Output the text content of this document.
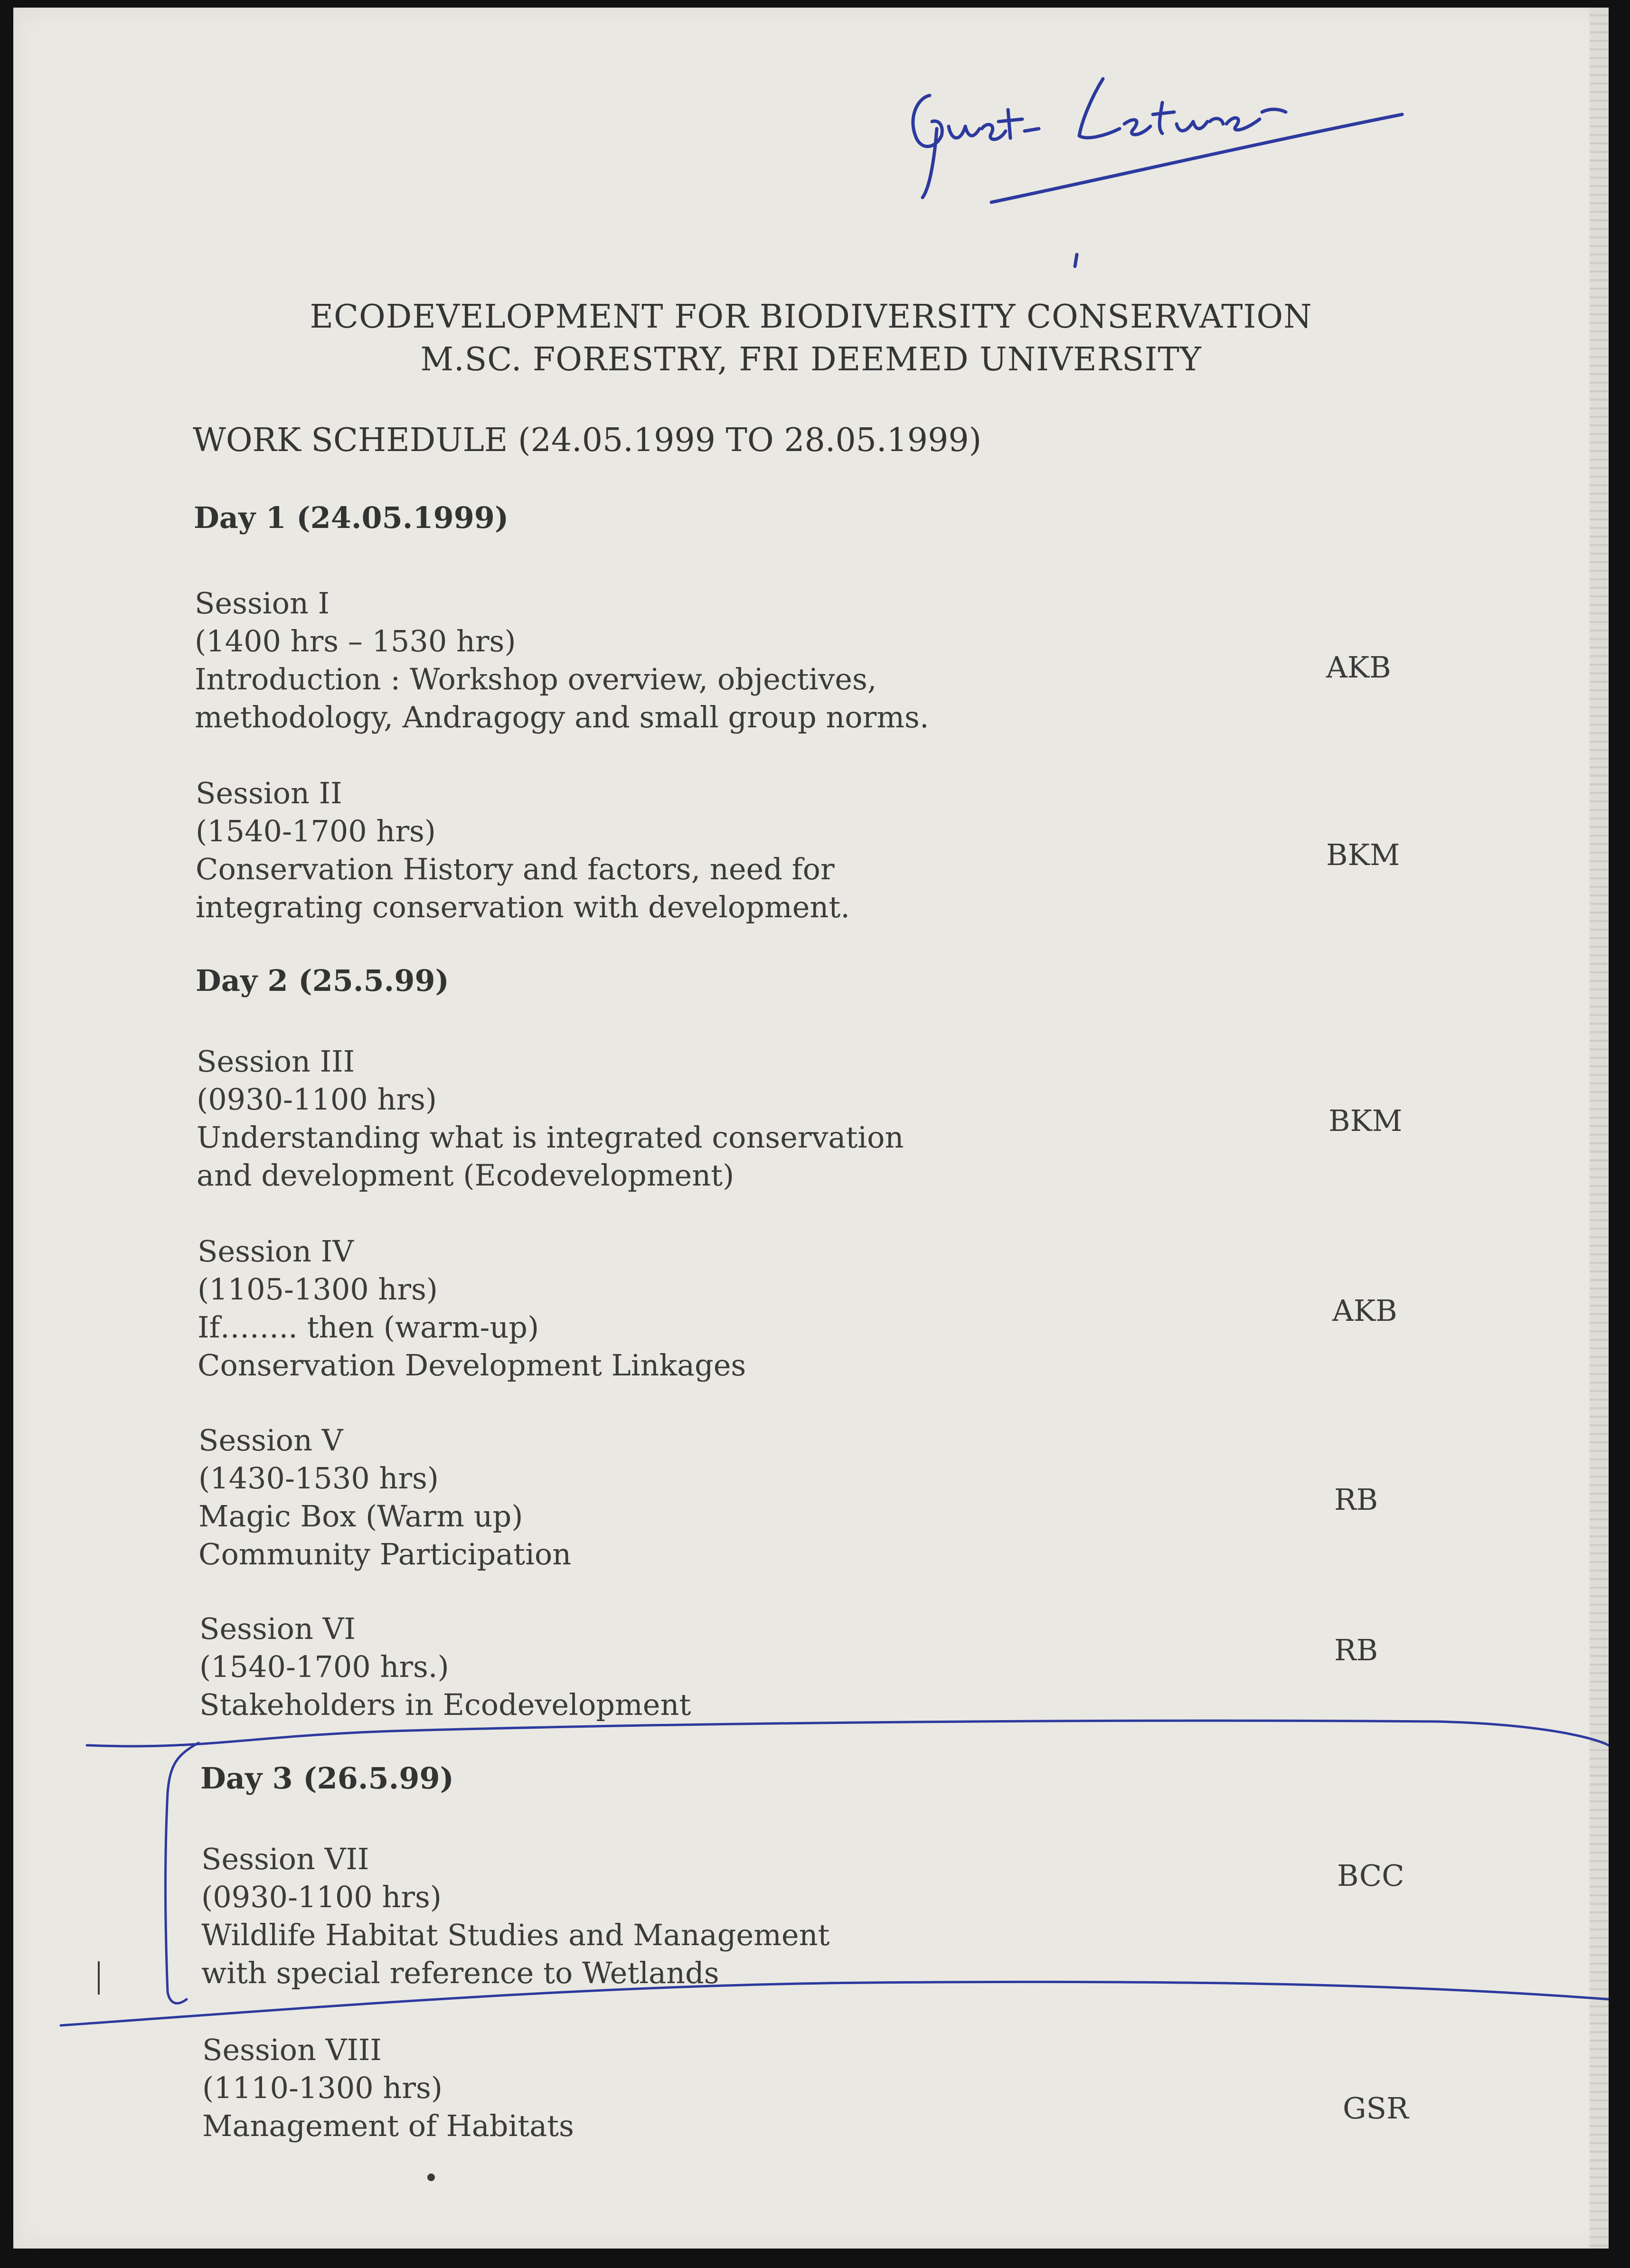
ECODEVELOPMENT FOR BIODIVERSITY CONSERVATION
M.SC. FORESTRY, FRI DEEMED UNIVERSITY
WORK SCHEDULE (24.05.1999 TO 28.05.1999)
Day 1 (24.05.1999)
Session I
(1400 hrs – 1530 hrs)
Introduction : Workshop overview, objectives,
methodology, Andragogy and small group norms.
AKB
Session II
(1540-1700 hrs)
Conservation History and factors, need for
integrating conservation with development.
BKM
Day 2 (25.5.99)
Session III
(0930-1100 hrs)
Understanding what is integrated conservation
and development (Ecodevelopment)
BKM
Session IV
(1105-1300 hrs)
If…….. then (warm-up)
Conservation Development Linkages
AKB
Session V
(1430-1530 hrs)
Magic Box (Warm up)
Community Participation
RB
Session VI
(1540-1700 hrs.)
Stakeholders in Ecodevelopment
RB
Day 3 (26.5.99)
Session VII
(0930-1100 hrs)
Wildlife Habitat Studies and Management
with special reference to Wetlands
BCC
Session VIII
(1110-1300 hrs)
Management of Habitats
GSR
